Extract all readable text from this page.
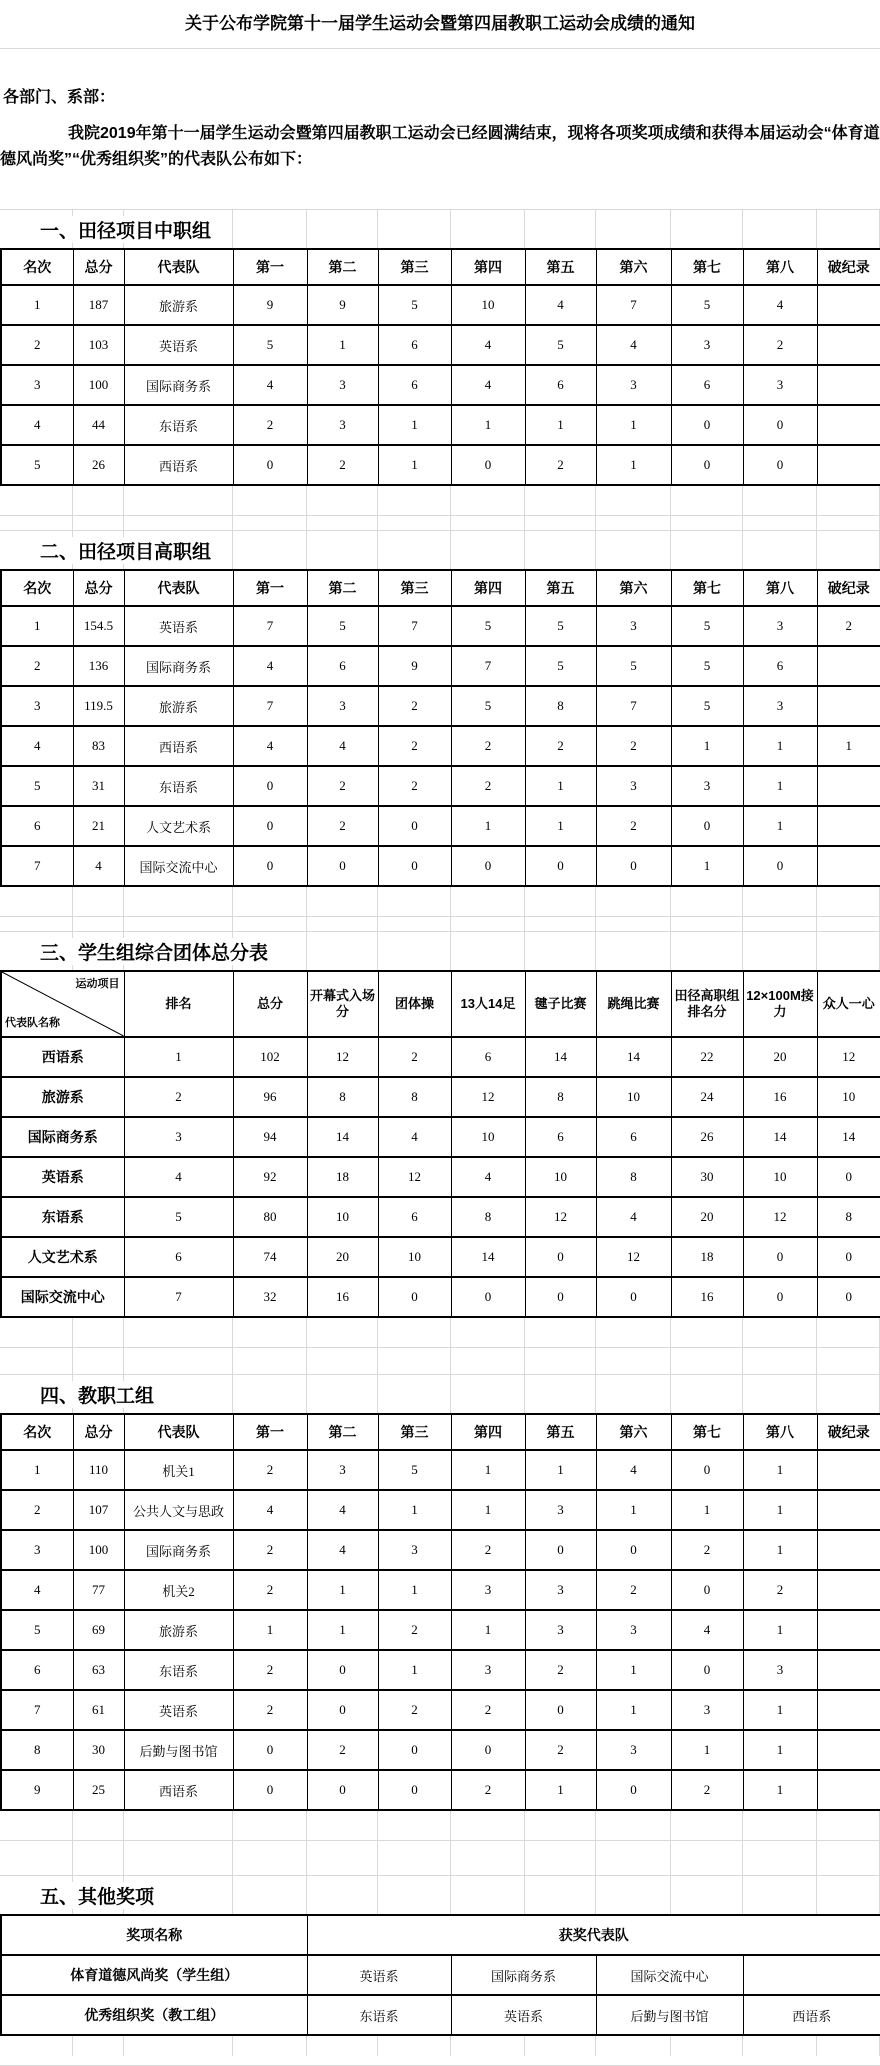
关于公布学院第十一届学生运动会暨第四届教职工运动会成绩的通知
各部门、系部：
我院2019年第十一届学生运动会暨第四届教职工运动会已经圆满结束，现将各项奖项成绩和获得本届运动会“体育道德风尚奖”“优秀组织奖”的代表队公布如下：
一、田径项目中职组
名次	总分	代表队	第一	第二	第三	第四	第五	第六	第七	第八	破纪录
1	187	旅游系	9	9	5	10	4	7	5	4	
2	103	英语系	5	1	6	4	5	4	3	2	
3	100	国际商务系	4	3	6	4	6	3	6	3	
4	44	东语系	2	3	1	1	1	1	0	0	
5	26	西语系	0	2	1	0	2	1	0	0	
二、田径项目高职组
名次	总分	代表队	第一	第二	第三	第四	第五	第六	第七	第八	破纪录
1	154.5	英语系	7	5	7	5	5	3	5	3	2
2	136	国际商务系	4	6	9	7	5	5	5	6	
3	119.5	旅游系	7	3	2	5	8	7	5	3	
4	83	西语系	4	4	2	2	2	2	1	1	1
5	31	东语系	0	2	2	2	1	3	3	1	
6	21	人文艺术系	0	2	0	1	1	2	0	1	
7	4	国际交流中心	0	0	0	0	0	0	1	0	
三、学生组综合团体总分表
运动项目
代表队名称	排名	总分	开幕式入场分	团体操	13人14足	毽子比赛	跳绳比赛	田径高职组排名分	12×100M接力	众人一心
西语系	1	102	12	2	6	14	14	22	20	12
旅游系	2	96	8	8	12	8	10	24	16	10
国际商务系	3	94	14	4	10	6	6	26	14	14
英语系	4	92	18	12	4	10	8	30	10	0
东语系	5	80	10	6	8	12	4	20	12	8
人文艺术系	6	74	20	10	14	0	12	18	0	0
国际交流中心	7	32	16	0	0	0	0	16	0	0
四、教职工组
名次	总分	代表队	第一	第二	第三	第四	第五	第六	第七	第八	破纪录
1	110	机关1	2	3	5	1	1	4	0	1	
2	107	公共人文与思政	4	4	1	1	3	1	1	1	
3	100	国际商务系	2	4	3	2	0	0	2	1	
4	77	机关2	2	1	1	3	3	2	0	2	
5	69	旅游系	1	1	2	1	3	3	4	1	
6	63	东语系	2	0	1	3	2	1	0	3	
7	61	英语系	2	0	2	2	0	1	3	1	
8	30	后勤与图书馆	0	2	0	0	2	3	1	1	
9	25	西语系	0	0	0	2	1	0	2	1	
五、其他奖项
奖项名称	获奖代表队			
体育道德风尚奖（学生组）	英语系	国际商务系	国际交流中心	
优秀组织奖（教工组）	东语系	英语系	后勤与图书馆	西语系
